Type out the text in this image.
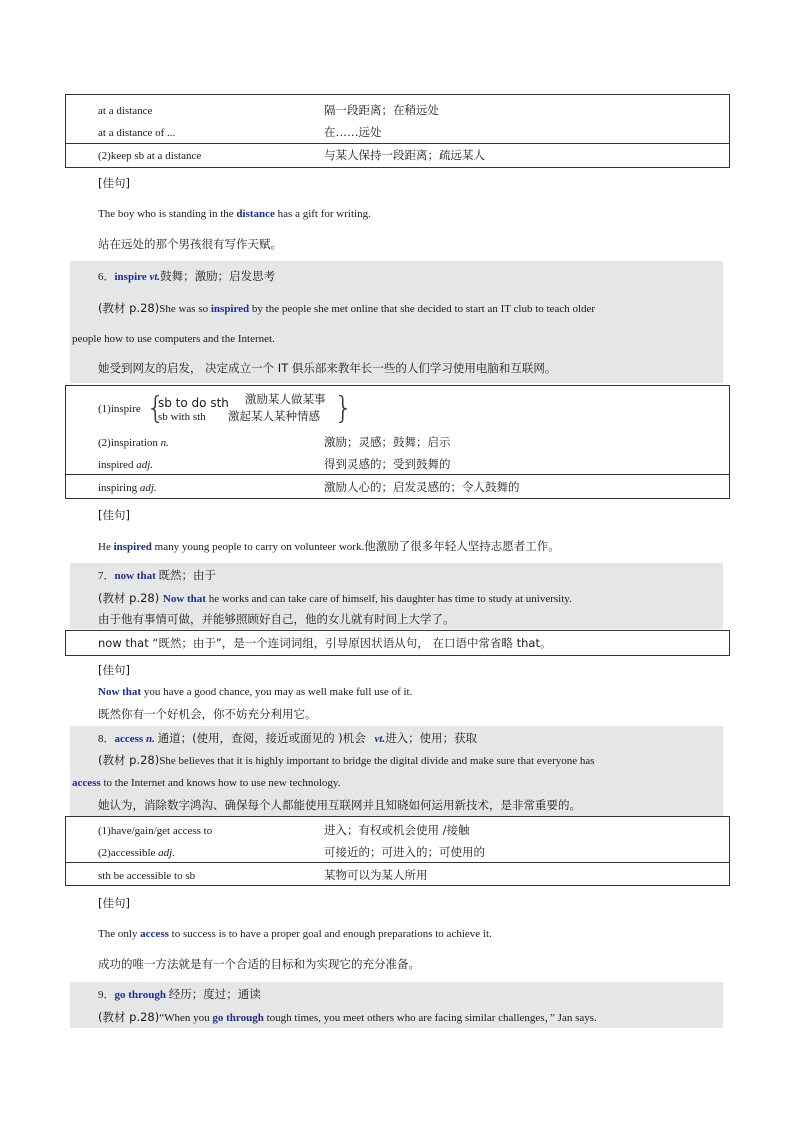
at a distance	隔一段距离；在稍远处
at a distance of ...	在……远处
(2)keep sb at a distance	与某人保持一段距离；疏远某人
[佳句]
The boy who is standing in the distance has a gift for writing.
站在远处的那个男孩很有写作天赋。
6．inspire vt.鼓舞；激励；启发思考
(教材 p.28)She was so inspired by the people she met online that she decided to start an IT club to teach older
people how to use computers and the Internet.
她受到网友的启发， 决定成立一个 IT 俱乐部来教年长一些的人们学习使用电脑和互联网。
(1)inspire {
sb to do sth 激励某人做某事
sb with sth 激起某人某种情感 }
(2)inspiration n.	激励；灵感；鼓舞；启示
inspired adj.	得到灵感的；受到鼓舞的
inspiring adj.	激励人心的；启发灵感的；令人鼓舞的
[佳句]
He inspired many young people to carry on volunteer work.他激励了很多年轻人坚持志愿者工作。
7．now that 既然；由于
(教材 p.28) Now that he works and can take care of himself, his daughter has time to study at university.
由于他有事情可做，并能够照顾好自己，他的女儿就有时间上大学了。
now that “既然；由于”，是一个连词词组，引导原因状语从句， 在口语中常省略 that。
[佳句]
Now that you have a good chance, you may as well make full use of it.
既然你有一个好机会，你不妨充分利用它。
8．access n. 通道；(使用，查阅，接近或面见的 )机会 vt.进入；使用；获取
(教材 p.28)She believes that it is highly important to bridge the digital divide and make sure that everyone has
access to the Internet and knows how to use new technology.
她认为，消除数字鸿沟、确保每个人都能使用互联网并且知晓如何运用新技术，是非常重要的。
(1)have/gain/get access to	进入；有权或机会使用 /接触
(2)accessible adj.	可接近的；可进入的；可使用的
sth be accessible to sb	某物可以为某人所用
[佳句]
The only access to success is to have a proper goal and enough preparations to achieve it.
成功的唯一方法就是有一个合适的目标和为实现它的充分准备。
9．go through 经历；度过；通读
(教材 p.28)“When you go through tough times, you meet others who are facing similar challenges，” Jan says.
